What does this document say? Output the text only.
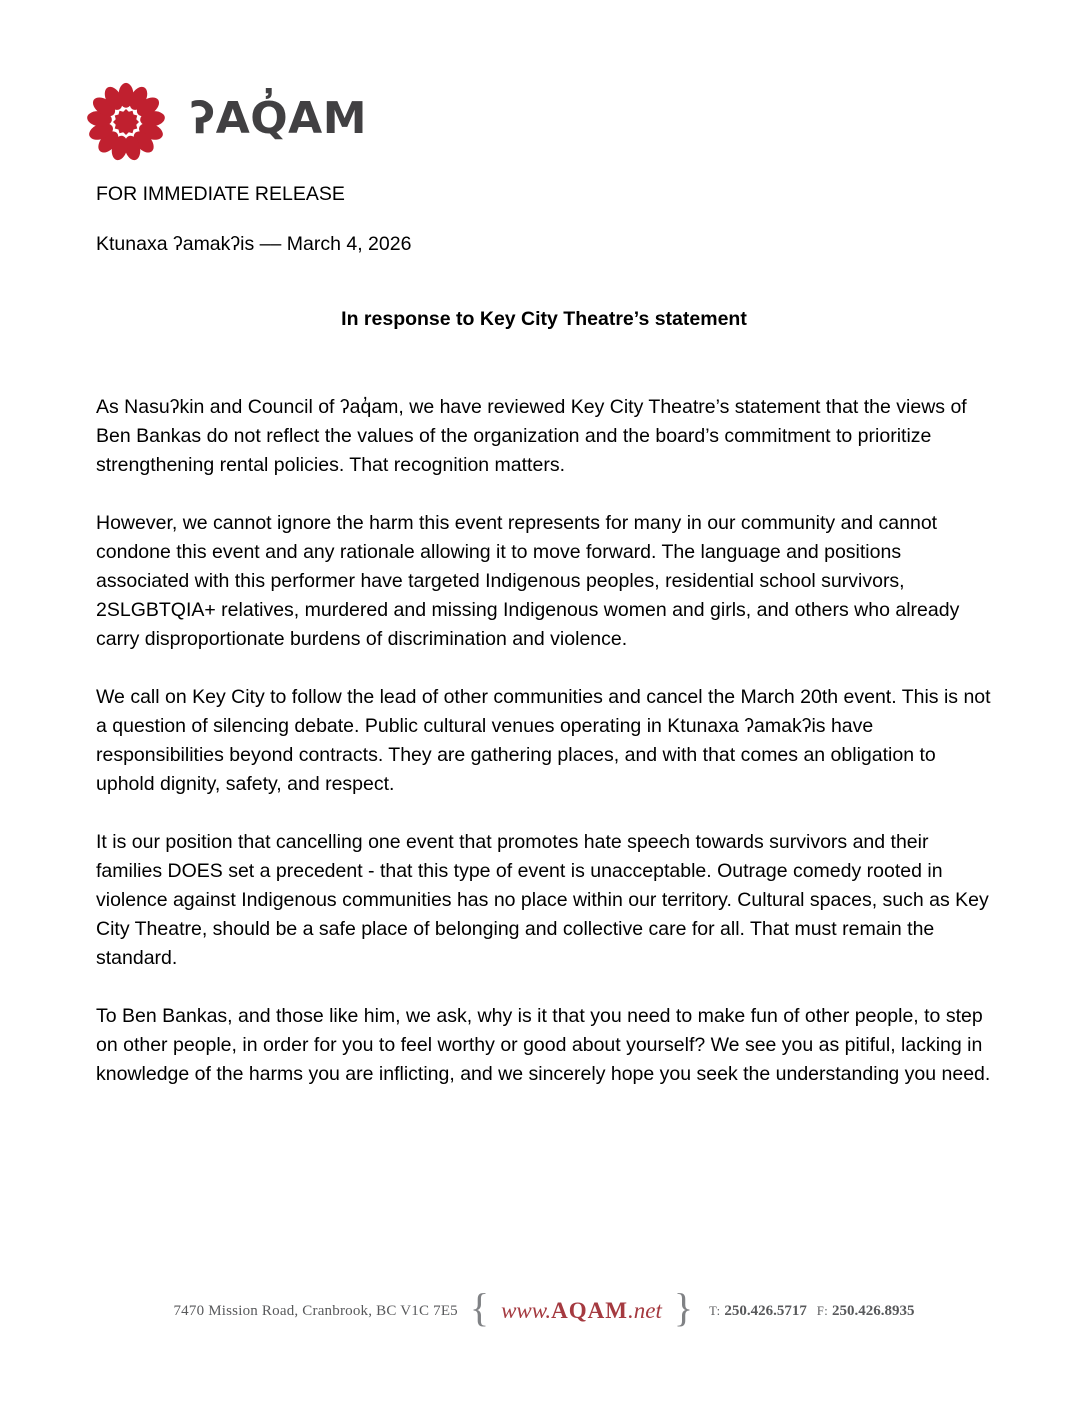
ʔAQ̓AM
FOR IMMEDIATE RELEASE
Ktunaxa ʔamakʔis –– March 4, 2026
In response to Key City Theatre’s statement

As Nasuʔkin and Council of ʔaq̓am, we have reviewed Key City Theatre’s statement that the views of Ben Bankas do not reflect the values of the organization and the board’s commitment to prioritize strengthening rental policies. That recognition matters.

However, we cannot ignore the harm this event represents for many in our community and cannot condone this event and any rationale allowing it to move forward. The language and positions associated with this performer have targeted Indigenous peoples, residential school survivors, 2SLGBTQIA+ relatives, murdered and missing Indigenous women and girls, and others who already carry disproportionate burdens of discrimination and violence.

We call on Key City to follow the lead of other communities and cancel the March 20th event. This is not a question of silencing debate. Public cultural venues operating in Ktunaxa ʔamakʔis have responsibilities beyond contracts. They are gathering places, and with that comes an obligation to uphold dignity, safety, and respect.

It is our position that cancelling one event that promotes hate speech towards survivors and their families DOES set a precedent - that this type of event is unacceptable. Outrage comedy rooted in violence against Indigenous communities has no place within our territory. Cultural spaces, such as Key City Theatre, should be a safe place of belonging and collective care for all. That must remain the standard.

To Ben Bankas, and those like him, we ask, why is it that you need to make fun of other people, to step on other people, in order for you to feel worthy or good about yourself? We see you as pitiful, lacking in knowledge of the harms you are inflicting, and we sincerely hope you seek the understanding you need.

7470 Mission Road, Cranbrook, BC V1C 7E5 { www.AQAM.net } T: 250.426.5717 F: 250.426.8935
